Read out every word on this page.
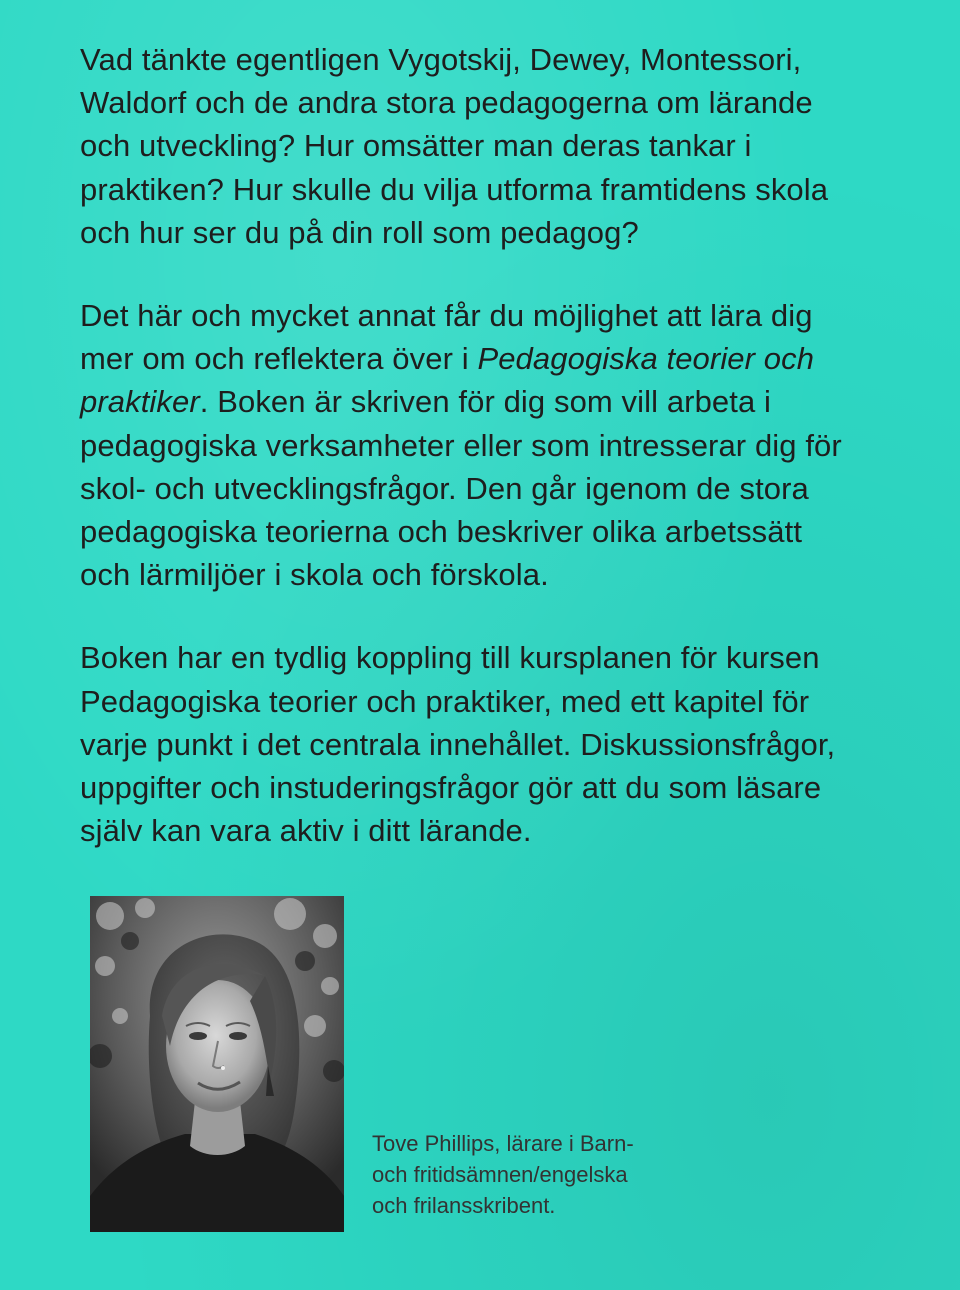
Vad tänkte egentligen Vygotskij, Dewey, Montessori,
Waldorf och de andra stora pedagogerna om lärande
och utveckling? Hur omsätter man deras tankar i
praktiken? Hur skulle du vilja utforma framtidens skola
och hur ser du på din roll som pedagog?

Det här och mycket annat får du möjlighet att lära dig
mer om och reflektera över i Pedagogiska teorier och
praktiker. Boken är skriven för dig som vill arbeta i
pedagogiska verksamheter eller som intresserar dig för
skol- och utvecklingsfrågor. Den går igenom de stora
pedagogiska teorierna och beskriver olika arbetssätt
och lärmiljöer i skola och förskola.

Boken har en tydlig koppling till kursplanen för kursen
Pedagogiska teorier och praktiker, med ett kapitel för
varje punkt i det centrala innehållet. Diskussionsfrågor,
uppgifter och instuderingsfrågor gör att du som läsare
själv kan vara aktiv i ditt lärande.

Tove Phillips, lärare i Barn-
och fritidsämnen/engelska
och frilansskribent.
